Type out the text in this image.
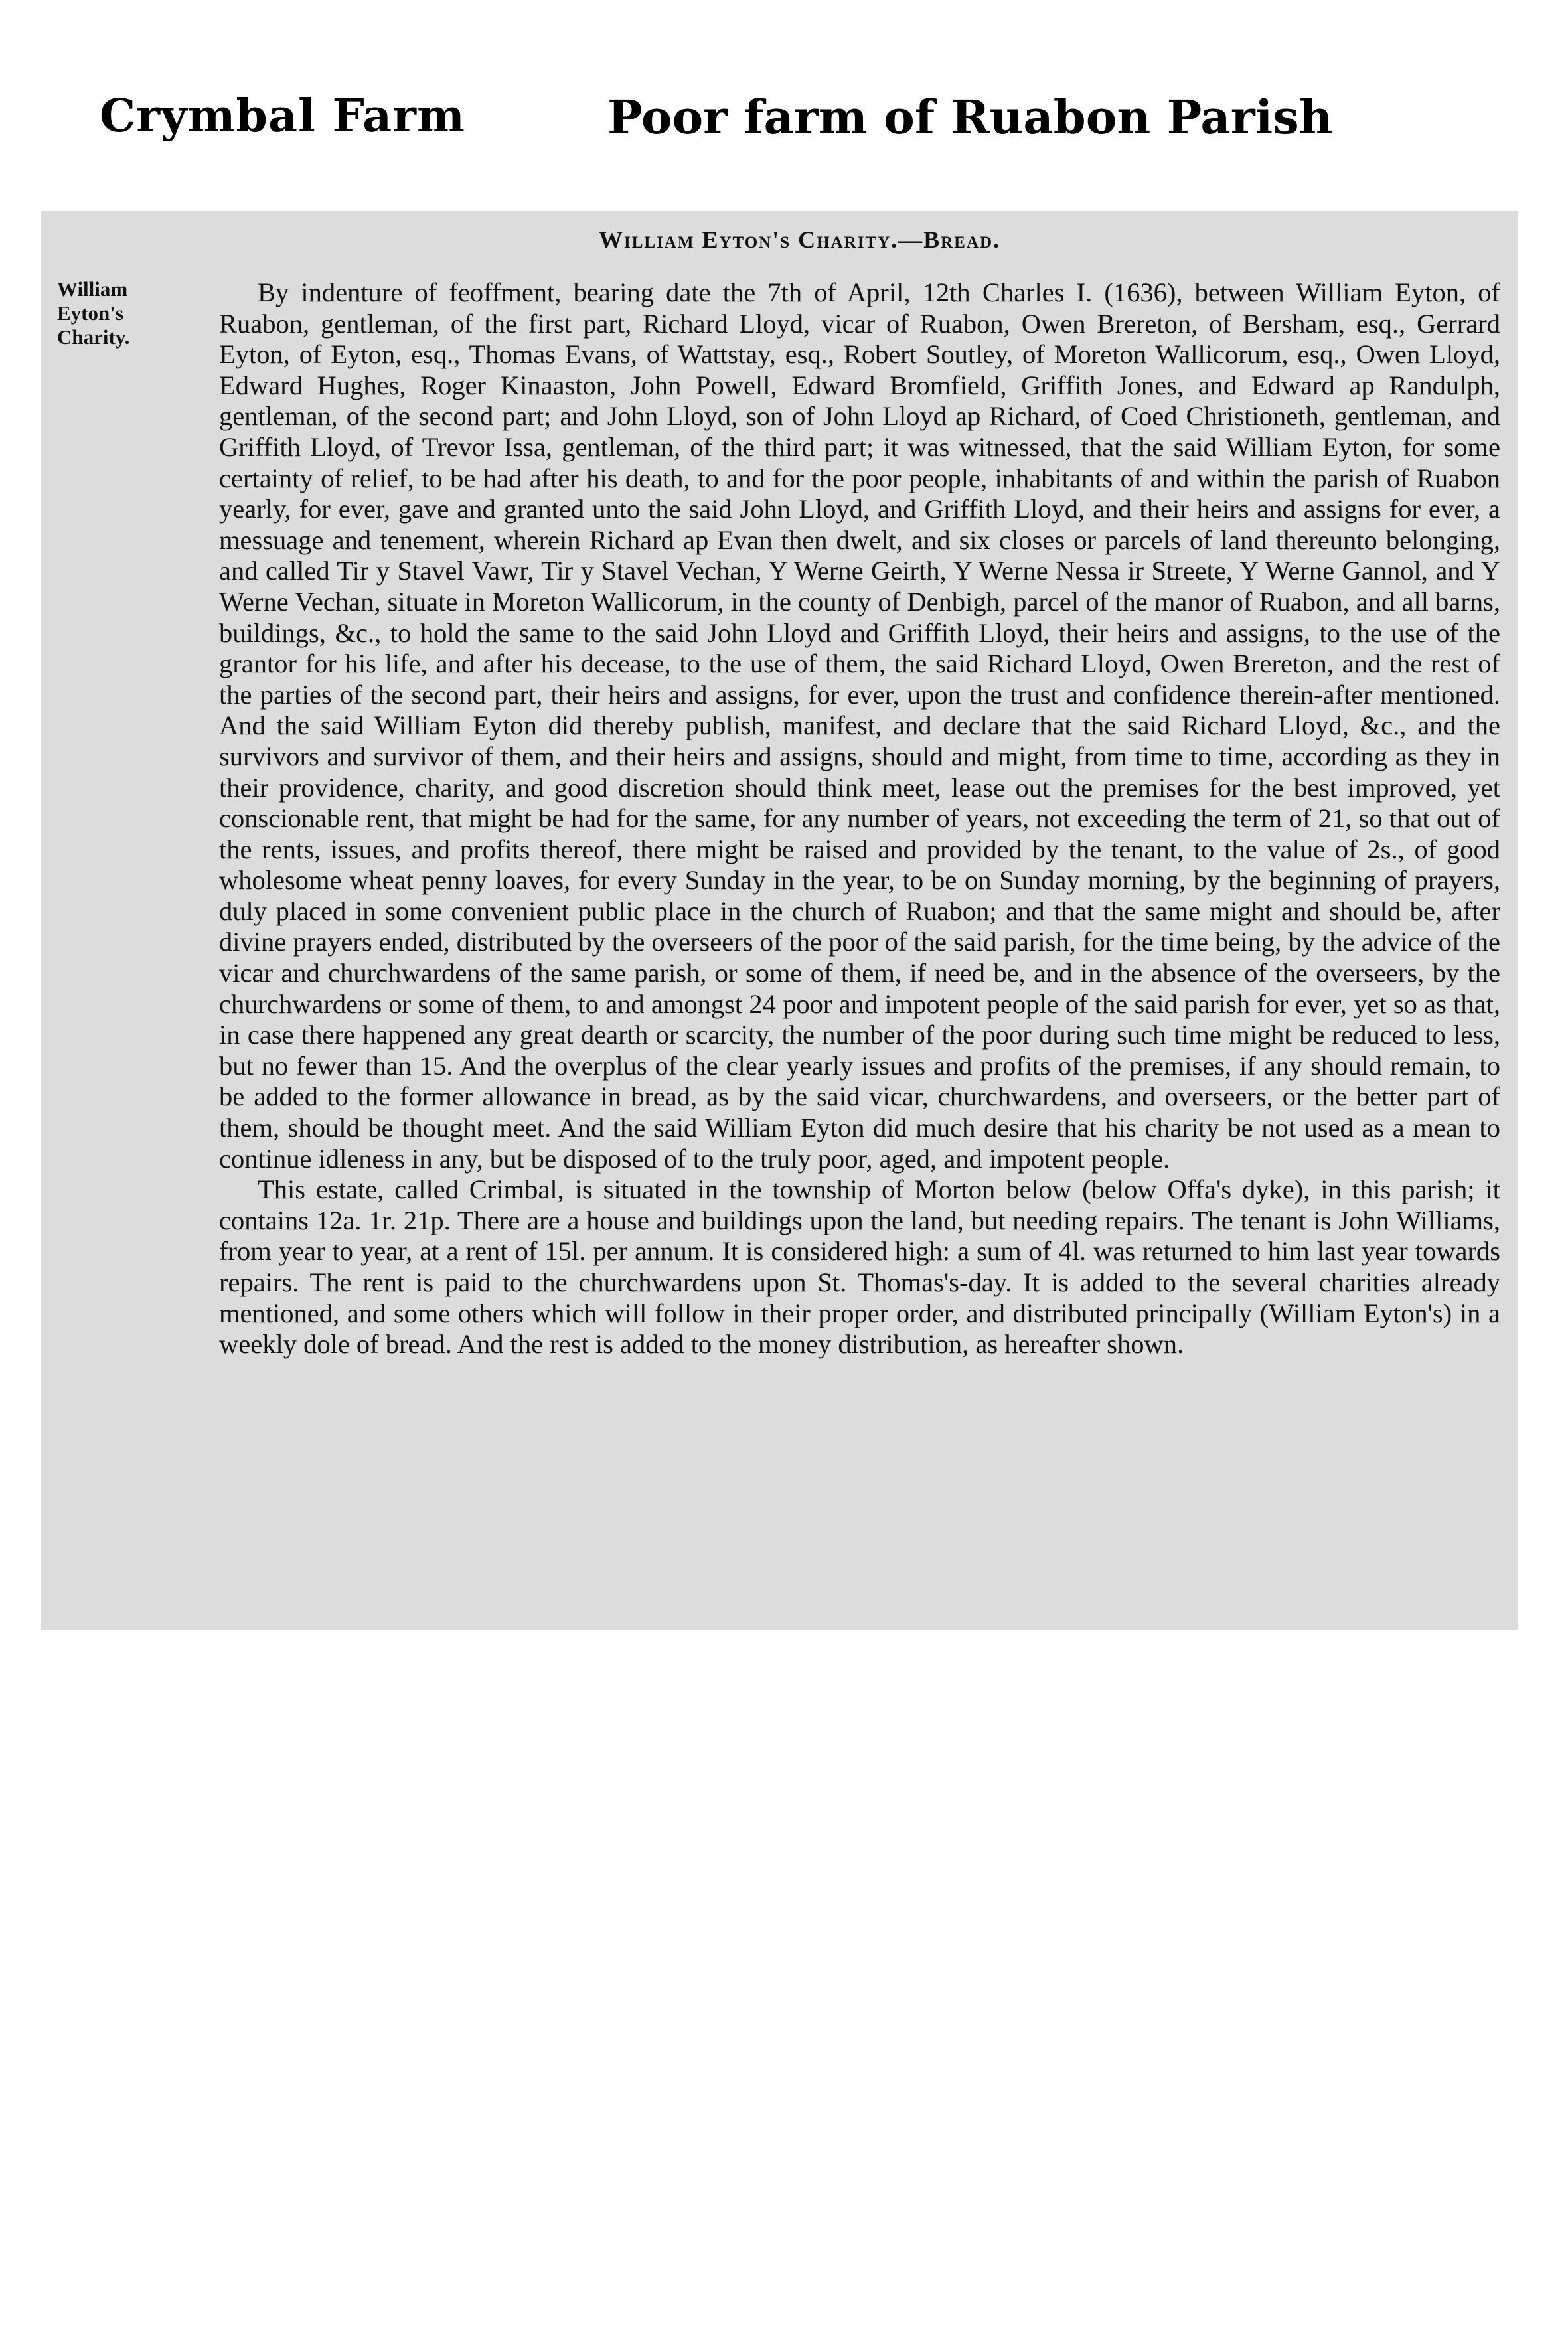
Crymbal Farm	Poor farm of Ruabon Parish
William Eyton's Charity.—Bread.
William
Eyton's
Charity.

By indenture of feoffment, bearing date the 7th of April, 12th Charles I. (1636), between William Eyton, of Ruabon, gentleman, of the first part, Richard Lloyd, vicar of Ruabon, Owen Brereton, of Bersham, esq., Gerrard Eyton, of Eyton, esq., Thomas Evans, of Wattstay, esq., Robert Soutley, of Moreton Wallicorum, esq., Owen Lloyd, Edward Hughes, Roger Kinaaston, John Powell, Edward Bromfield, Griffith Jones, and Edward ap Randulph, gentleman, of the second part; and John Lloyd, son of John Lloyd ap Richard, of Coed Christioneth, gentleman, and Griffith Lloyd, of Trevor Issa, gentleman, of the third part; it was witnessed, that the said William Eyton, for some certainty of relief, to be had after his death, to and for the poor people, inhabitants of and within the parish of Ruabon yearly, for ever, gave and granted unto the said John Lloyd, and Griffith Lloyd, and their heirs and assigns for ever, a messuage and tenement, wherein Richard ap Evan then dwelt, and six closes or parcels of land thereunto belonging, and called Tir y Stavel Vawr, Tir y Stavel Vechan, Y Werne Geirth, Y Werne Nessa ir Streete, Y Werne Gannol, and Y Werne Vechan, situate in Moreton Wallicorum, in the county of Denbigh, parcel of the manor of Ruabon, and all barns, buildings, &c., to hold the same to the said John Lloyd and Griffith Lloyd, their heirs and assigns, to the use of the grantor for his life, and after his decease, to the use of them, the said Richard Lloyd, Owen Brereton, and the rest of the parties of the second part, their heirs and assigns, for ever, upon the trust and confidence therein-after mentioned. And the said William Eyton did thereby publish, manifest, and declare that the said Richard Lloyd, &c., and the survivors and survivor of them, and their heirs and assigns, should and might, from time to time, according as they in their providence, charity, and good discretion should think meet, lease out the premises for the best improved, yet conscionable rent, that might be had for the same, for any number of years, not exceeding the term of 21, so that out of the rents, issues, and profits thereof, there might be raised and provided by the tenant, to the value of 2s., of good wholesome wheat penny loaves, for every Sunday in the year, to be on Sunday morning, by the beginning of prayers, duly placed in some convenient public place in the church of Ruabon; and that the same might and should be, after divine prayers ended, distributed by the overseers of the poor of the said parish, for the time being, by the advice of the vicar and churchwardens of the same parish, or some of them, if need be, and in the absence of the overseers, by the churchwardens or some of them, to and amongst 24 poor and impotent people of the said parish for ever, yet so as that, in case there happened any great dearth or scarcity, the number of the poor during such time might be reduced to less, but no fewer than 15. And the overplus of the clear yearly issues and profits of the premises, if any should remain, to be added to the former allowance in bread, as by the said vicar, churchwardens, and overseers, or the better part of them, should be thought meet. And the said William Eyton did much desire that his charity be not used as a mean to continue idleness in any, but be disposed of to the truly poor, aged, and impotent people.

This estate, called Crimbal, is situated in the township of Morton below (below Offa's dyke), in this parish; it contains 12a. 1r. 21p. There are a house and buildings upon the land, but needing repairs. The tenant is John Williams, from year to year, at a rent of 15l. per annum. It is considered high: a sum of 4l. was returned to him last year towards repairs. The rent is paid to the churchwardens upon St. Thomas's-day. It is added to the several charities already mentioned, and some others which will follow in their proper order, and distributed principally (William Eyton's) in a weekly dole of bread. And the rest is added to the money distribution, as hereafter shown.
